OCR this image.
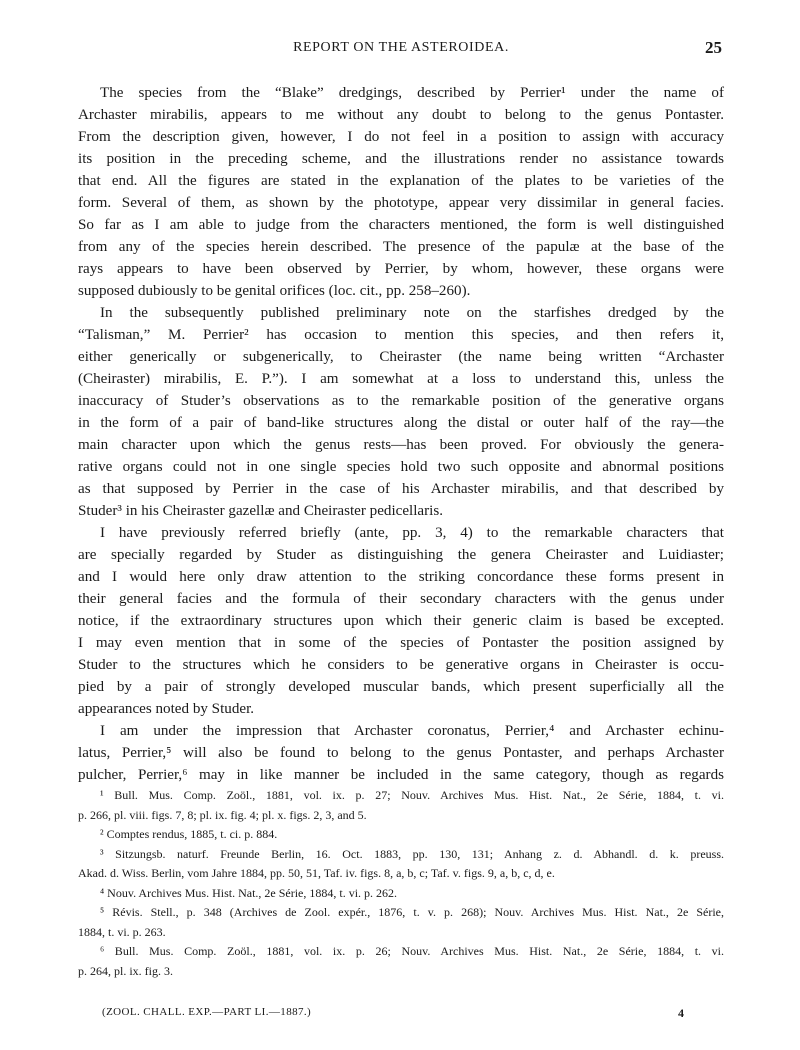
REPORT ON THE ASTEROIDEA.	25
The species from the “Blake” dredgings, described by Perrier¹ under the name of
Archaster mirabilis, appears to me without any doubt to belong to the genus Pontaster.
From the description given, however, I do not feel in a position to assign with accuracy
its position in the preceding scheme, and the illustrations render no assistance towards
that end. All the figures are stated in the explanation of the plates to be varieties of the
form. Several of them, as shown by the phototype, appear very dissimilar in general facies.
So far as I am able to judge from the characters mentioned, the form is well distinguished
from any of the species herein described. The presence of the papulæ at the base of the
rays appears to have been observed by Perrier, by whom, however, these organs were
supposed dubiously to be genital orifices (loc. cit., pp. 258–260).
In the subsequently published preliminary note on the starfishes dredged by the
“Talisman,” M. Perrier² has occasion to mention this species, and then refers it,
either generically or subgenerically, to Cheiraster (the name being written “Archaster
(Cheiraster) mirabilis, E. P.”). I am somewhat at a loss to understand this, unless the
inaccuracy of Studer’s observations as to the remarkable position of the generative organs
in the form of a pair of band-like structures along the distal or outer half of the ray—the
main character upon which the genus rests—has been proved. For obviously the genera-
rative organs could not in one single species hold two such opposite and abnormal positions
as that supposed by Perrier in the case of his Archaster mirabilis, and that described by
Studer³ in his Cheiraster gazellæ and Cheiraster pedicellaris.
I have previously referred briefly (ante, pp. 3, 4) to the remarkable characters that
are specially regarded by Studer as distinguishing the genera Cheiraster and Luidiaster;
and I would here only draw attention to the striking concordance these forms present in
their general facies and the formula of their secondary characters with the genus under
notice, if the extraordinary structures upon which their generic claim is based be excepted.
I may even mention that in some of the species of Pontaster the position assigned by
Studer to the structures which he considers to be generative organs in Cheiraster is occu-
pied by a pair of strongly developed muscular bands, which present superficially all the
appearances noted by Studer.
I am under the impression that Archaster coronatus, Perrier,⁴ and Archaster echinu-
latus, Perrier,⁵ will also be found to belong to the genus Pontaster, and perhaps Archaster
pulcher, Perrier,⁶ may in like manner be included in the same category, though as regards
¹ Bull. Mus. Comp. Zoöl., 1881, vol. ix. p. 27; Nouv. Archives Mus. Hist. Nat., 2e Série, 1884, t. vi.
p. 266, pl. viii. figs. 7, 8; pl. ix. fig. 4; pl. x. figs. 2, 3, and 5.
² Comptes rendus, 1885, t. ci. p. 884.
³ Sitzungsb. naturf. Freunde Berlin, 16. Oct. 1883, pp. 130, 131; Anhang z. d. Abhandl. d. k. preuss.
Akad. d. Wiss. Berlin, vom Jahre 1884, pp. 50, 51, Taf. iv. figs. 8, a, b, c; Taf. v. figs. 9, a, b, c, d, e.
⁴ Nouv. Archives Mus. Hist. Nat., 2e Série, 1884, t. vi. p. 262.
⁵ Révis. Stell., p. 348 (Archives de Zool. expér., 1876, t. v. p. 268); Nouv. Archives Mus. Hist. Nat., 2e Série,
1884, t. vi. p. 263.
⁶ Bull. Mus. Comp. Zoöl., 1881, vol. ix. p. 26; Nouv. Archives Mus. Hist. Nat., 2e Série, 1884, t. vi.
p. 264, pl. ix. fig. 3.
(ZOOL. CHALL. EXP.—PART LI.—1887.)	4
